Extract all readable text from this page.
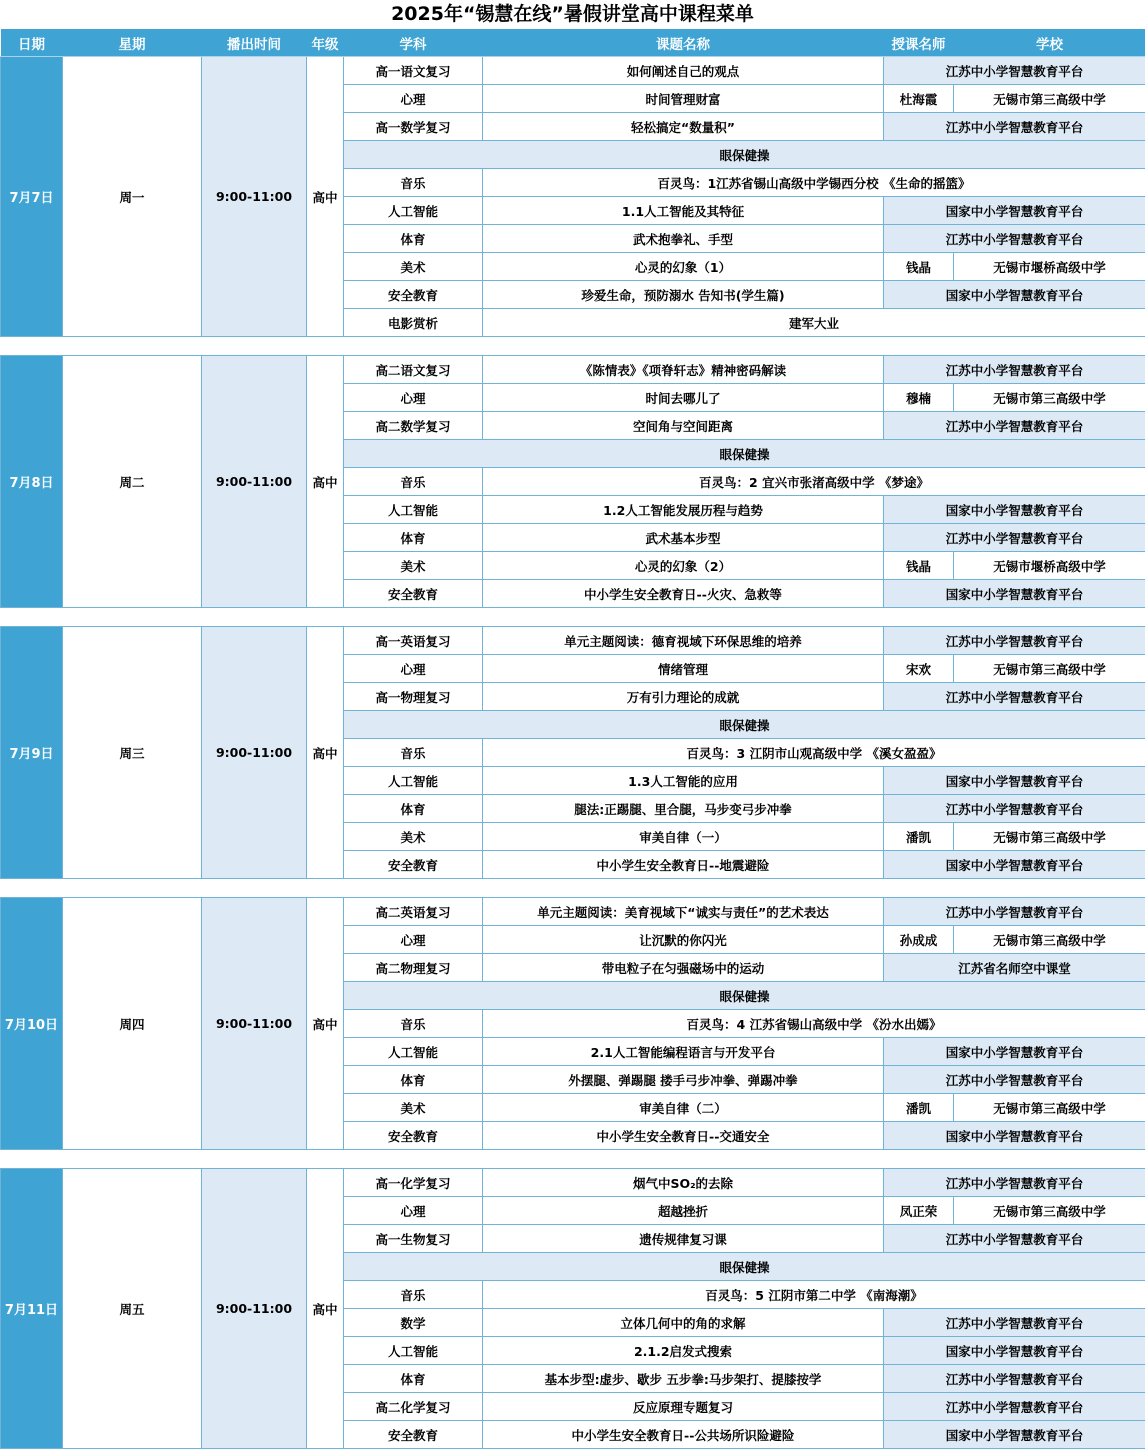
2025年“锡慧在线”暑假讲堂高中课程菜单
日期	星期	播出时间	年级	学科	课题名称	授课名师	学校
7月7日	周一	9:00-11:00	高中	高一语文复习	如何阐述自己的观点	江苏中小学智慧教育平台	
				心理	时间管理财富	杜海霞	无锡市第三高级中学
				高一数学复习	轻松搞定“数量积”	江苏中小学智慧教育平台	
				眼保健操			
				音乐	百灵鸟：1江苏省锡山高级中学锡西分校 《生命的摇篮》		
				人工智能	1.1人工智能及其特征	国家中小学智慧教育平台	
				体育	武术抱拳礼、手型	江苏中小学智慧教育平台	
				美术	心灵的幻象（1）	钱晶	无锡市堰桥高级中学
				安全教育	珍爱生命，预防溺水 告知书(学生篇)	国家中小学智慧教育平台	
				电影赏析	建军大业		

7月8日	周二	9:00-11:00	高中	高二语文复习	《陈情表》《项脊轩志》精神密码解读	江苏中小学智慧教育平台	
				心理	时间去哪儿了	穆楠	无锡市第三高级中学
				高二数学复习	空间角与空间距离	江苏中小学智慧教育平台	
				眼保健操			
				音乐	百灵鸟：2 宜兴市张渚高级中学 《梦途》		
				人工智能	1.2人工智能发展历程与趋势	国家中小学智慧教育平台	
				体育	武术基本步型	江苏中小学智慧教育平台	
				美术	心灵的幻象（2）	钱晶	无锡市堰桥高级中学
				安全教育	中小学生安全教育日--火灾、急救等	国家中小学智慧教育平台	

7月9日	周三	9:00-11:00	高中	高一英语复习	单元主题阅读：德育视域下环保思维的培养	江苏中小学智慧教育平台	
				心理	情绪管理	宋欢	无锡市第三高级中学
				高一物理复习	万有引力理论的成就	江苏中小学智慧教育平台	
				眼保健操			
				音乐	百灵鸟：3 江阴市山观高级中学 《溪女盈盈》		
				人工智能	1.3人工智能的应用	国家中小学智慧教育平台	
				体育	腿法:正踢腿、里合腿，马步变弓步冲拳	江苏中小学智慧教育平台	
				美术	审美自律（一）	潘凯	无锡市第三高级中学
				安全教育	中小学生安全教育日--地震避险	国家中小学智慧教育平台	

7月10日	周四	9:00-11:00	高中	高二英语复习	单元主题阅读：美育视域下“诚实与责任”的艺术表达	江苏中小学智慧教育平台	
				心理	让沉默的你闪光	孙成成	无锡市第三高级中学
				高二物理复习	带电粒子在匀强磁场中的运动	江苏省名师空中课堂	
				眼保健操			
				音乐	百灵鸟：4 江苏省锡山高级中学 《汾水出嫣》		
				人工智能	2.1人工智能编程语言与开发平台	国家中小学智慧教育平台	
				体育	外摆腿、弹踢腿 搂手弓步冲拳、弹踢冲拳	江苏中小学智慧教育平台	
				美术	审美自律（二）	潘凯	无锡市第三高级中学
				安全教育	中小学生安全教育日--交通安全	国家中小学智慧教育平台	

7月11日	周五	9:00-11:00	高中	高一化学复习	烟气中SO₂的去除	江苏中小学智慧教育平台	
				心理	超越挫折	凤正荣	无锡市第三高级中学
				高一生物复习	遗传规律复习课	江苏中小学智慧教育平台	
				眼保健操			
				音乐	百灵鸟：5 江阴市第二中学 《南海潮》		
				数学	立体几何中的角的求解	江苏中小学智慧教育平台	
				人工智能	2.1.2启发式搜索	国家中小学智慧教育平台	
				体育	基本步型:虚步、歇步 五步拳:马步架打、提膝按学	江苏中小学智慧教育平台	
				高二化学复习	反应原理专题复习	江苏中小学智慧教育平台	
				安全教育	中小学生安全教育日--公共场所识险避险	国家中小学智慧教育平台	
